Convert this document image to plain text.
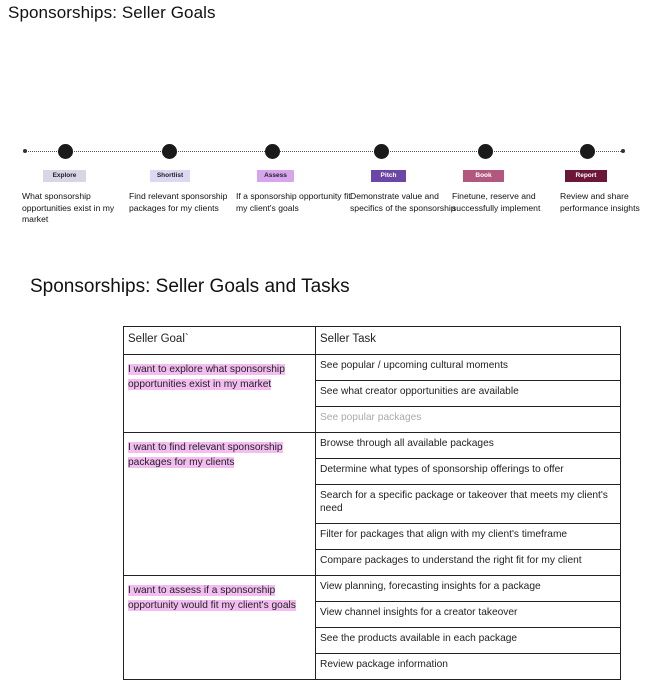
Sponsorships: Seller Goals
Explore
What sponsorship opportunities exist in my market
Shortlist
Find relevant sponsorship packages for my clients
Assess
If a sponsorship opportunity fit my client's goals
Pitch
Demonstrate value and specifics of the sponsorship
Book
Finetune, reserve and successfully implement
Report
Review and share performance insights
Sponsorships: Seller Goals and Tasks
Seller Goal`	Seller Task
I want to explore what sponsorship opportunities exist in my market	See popular / upcoming cultural moments
	See what creator opportunities are available
	See popular packages
I want to find relevant sponsorship packages for my clients	Browse through all available packages
	Determine what types of sponsorship offerings to offer
	Search for a specific package or takeover that meets my client's need
	Filter for packages that align with my client's timeframe
	Compare packages to understand the right fit for my client
I want to assess if a sponsorship opportunity would fit my client's goals	View planning, forecasting insights for a package
	View channel insights for a creator takeover
	See the products available in each package
	Review package information
